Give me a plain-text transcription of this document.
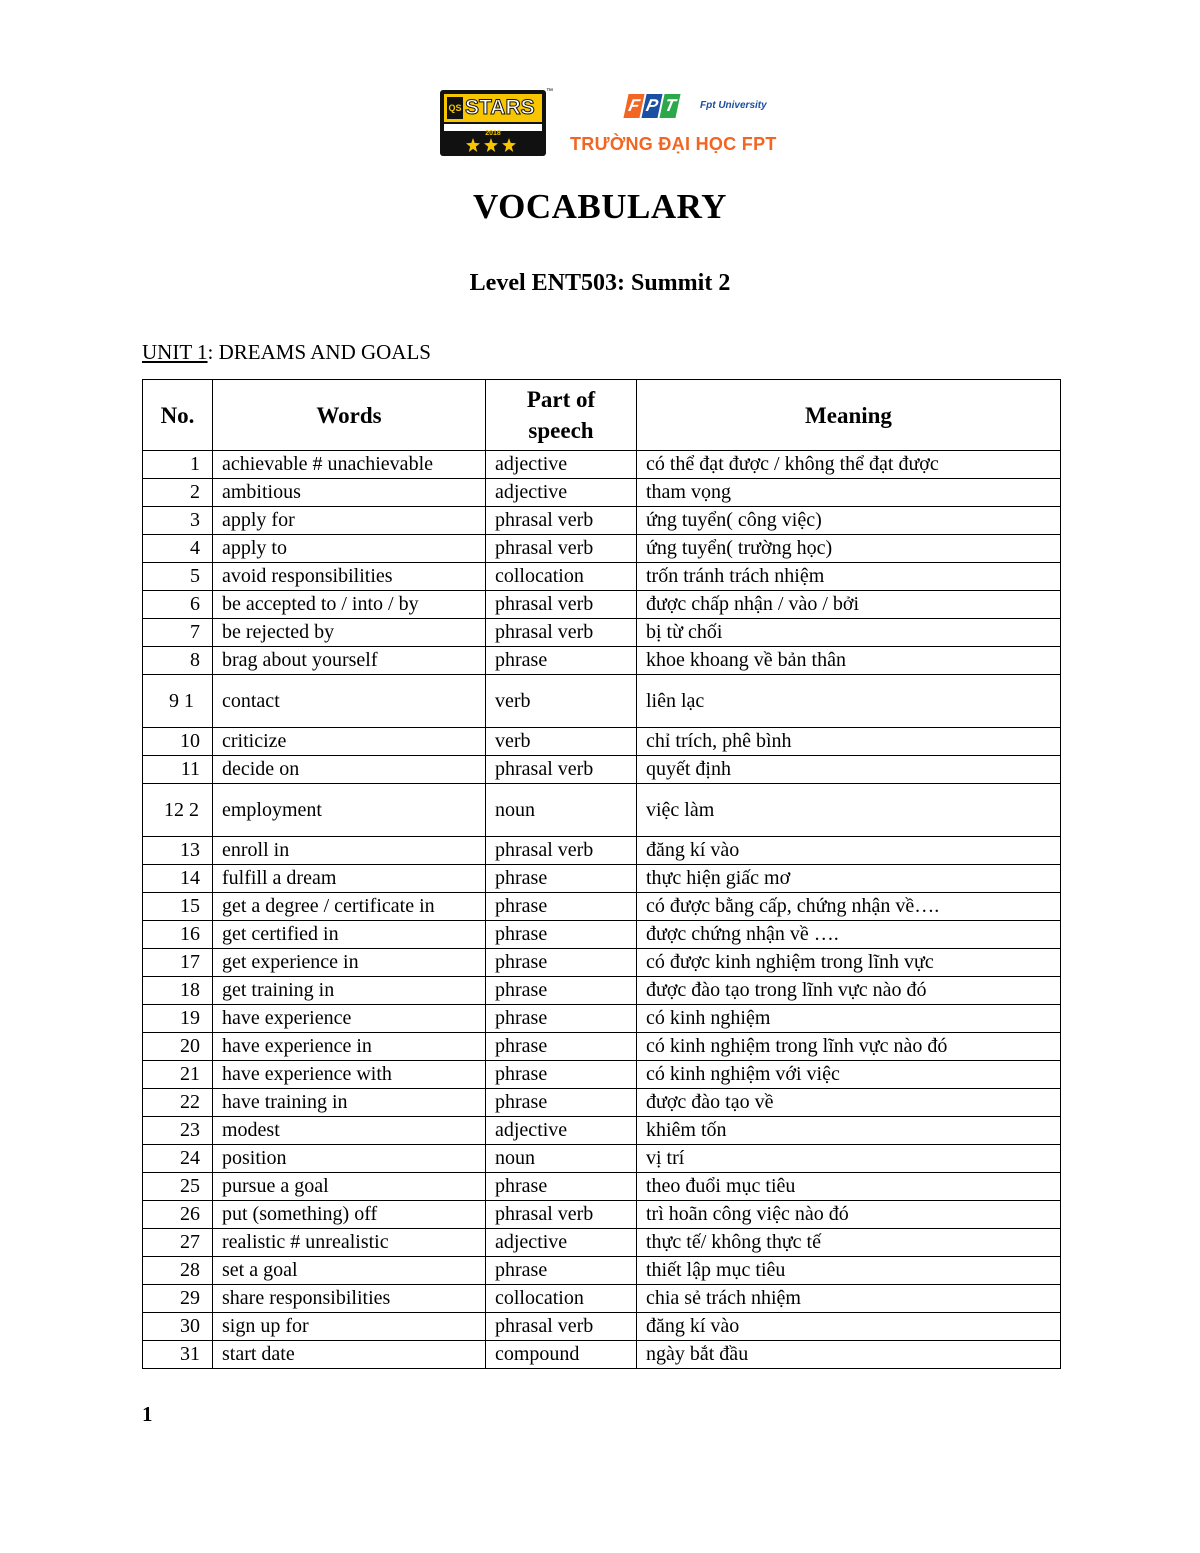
QS STARS
™
2018
F P T	Fpt University
TRƯỜNG ĐẠI HỌC FPT
VOCABULARY
Level ENT503: Summit 2
UNIT 1: DREAMS AND GOALS
No.	Words	Part of speech	Meaning
1	achievable # unachievable	adjective	có thể đạt được / không thể đạt được
2	ambitious	adjective	tham vọng
3	apply for	phrasal verb	ứng tuyển( công việc)
4	apply to	phrasal verb	ứng tuyển( trường học)
5	avoid responsibilities	collocation	trốn tránh trách nhiệm
6	be accepted to / into / by	phrasal verb	được chấp nhận / vào / bởi
7	be rejected by	phrasal verb	bị từ chối
8	brag about yourself	phrase	khoe khoang về bản thân
9 1	contact	verb	liên lạc
10	criticize	verb	chỉ trích, phê bình
11	decide on	phrasal verb	quyết định
12 2	employment	noun	việc làm
13	enroll in	phrasal verb	đăng kí vào
14	fulfill a dream	phrase	thực hiện giấc mơ
15	get a degree / certificate in	phrase	có được bằng cấp, chứng nhận về….
16	get certified in	phrase	được chứng nhận về ….
17	get experience in	phrase	có được kinh nghiệm trong lĩnh vực
18	get training in	phrase	được đào tạo trong lĩnh vực nào đó
19	have experience	phrase	có kinh nghiệm
20	have experience in	phrase	có kinh nghiệm trong lĩnh vực nào đó
21	have experience with	phrase	có kinh nghiệm với việc
22	have training in	phrase	được đào tạo về
23	modest	adjective	khiêm tốn
24	position	noun	vị trí
25	pursue a goal	phrase	theo đuổi mục tiêu
26	put (something) off	phrasal verb	trì hoãn công việc nào đó
27	realistic # unrealistic	adjective	thực tế/ không thực tế
28	set a goal	phrase	thiết lập mục tiêu
29	share responsibilities	collocation	chia sẻ trách nhiệm
30	sign up for	phrasal verb	đăng kí vào
31	start date	compound	ngày bắt đầu
1
